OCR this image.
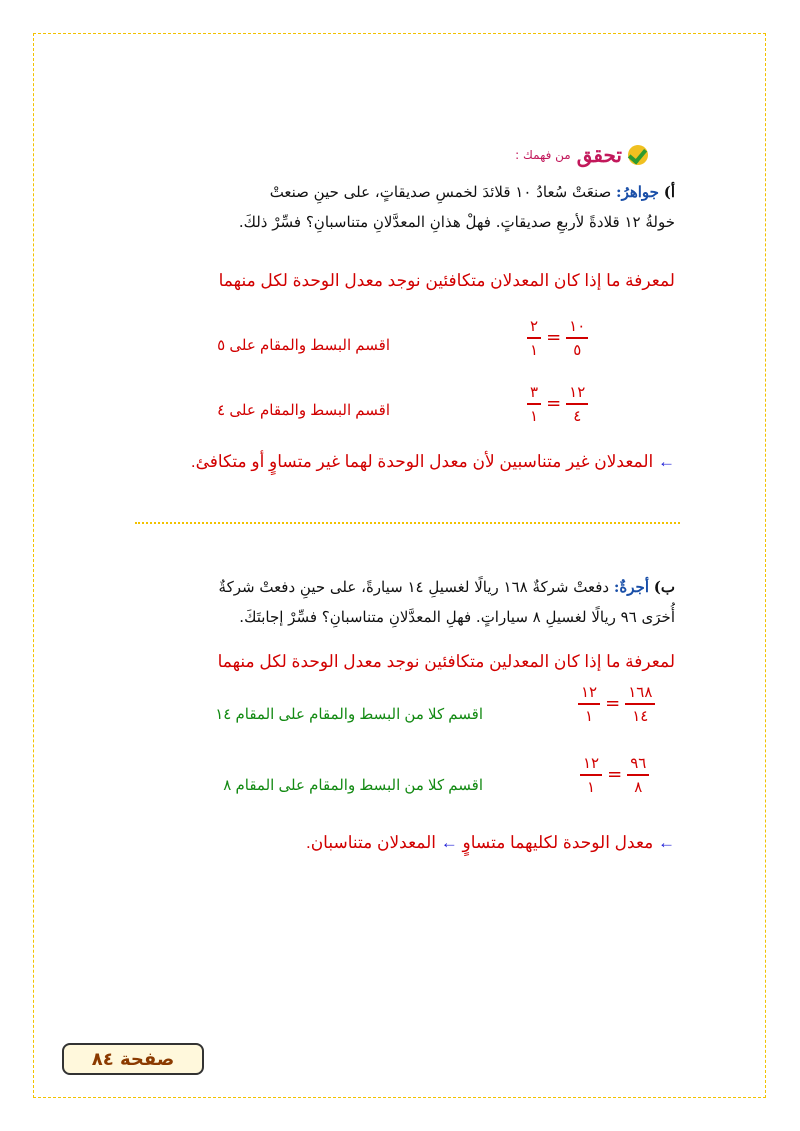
تحقق
من فهمك :
أ) جواهرُ: صنعَتْ سُعادُ ١٠ قلائدَ لخمسِ صديقاتٍ، على حينِ صنعتْ
خولةُ ١٢ قلادةً لأربعِ صديقاتٍ. فهلْ هذانِ المعدَّلانِ متناسبانِ؟ فسِّرْ ذلكَ.
لمعرفة ما إذا كان المعدلان متكافئين نوجد معدل الوحدة لكل منهما
$\frac{٢}{١} = \frac{١٠}{٥}$
اقسم البسط والمقام على ٥
$\frac{٣}{١} = \frac{١٢}{٤}$
اقسم البسط والمقام على ٤
← المعدلان غير متناسبين لأن معدل الوحدة لهما غير متساوٍ أو متكافئ.
ب) أجرةٌ: دفعتْ شركةٌ ١٦٨ ريالًا لغسيلِ ١٤ سيارةً، على حينِ دفعتْ شركةٌ
أُخرَى ٩٦ ريالًا لغسيلِ ٨ سياراتٍ. فهلِ المعدَّلانِ متناسبانِ؟ فسِّرْ إجابتَكَ.
لمعرفة ما إذا كان المعدلين متكافئين نوجد معدل الوحدة لكل منهما
$\frac{١٢}{١} = \frac{١٦٨}{١٤}$
اقسم كلا من البسط والمقام على المقام ١٤
$\frac{١٢}{١} = \frac{٩٦}{٨}$
اقسم كلا من البسط والمقام على المقام ٨
← معدل الوحدة لكليهما متساوٍ ← المعدلان متناسبان.
صفحة ٨٤
